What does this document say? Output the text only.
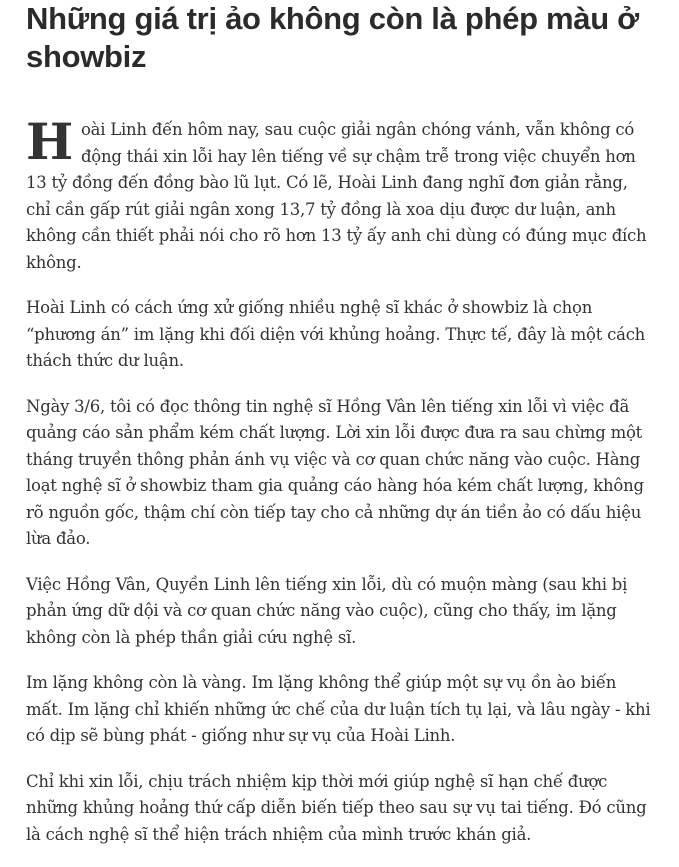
Những giá trị ảo không còn là phép màu ở showbiz

Hoài Linh đến hôm nay, sau cuộc giải ngân chóng vánh, vẫn không có động thái xin lỗi hay lên tiếng về sự chậm trễ trong việc chuyển hơn 13 tỷ đồng đến đồng bào lũ lụt. Có lẽ, Hoài Linh đang nghĩ đơn giản rằng, chỉ cần gấp rút giải ngân xong 13,7 tỷ đồng là xoa dịu được dư luận, anh không cần thiết phải nói cho rõ hơn 13 tỷ ấy anh chi dùng có đúng mục đích không.

Hoài Linh có cách ứng xử giống nhiều nghệ sĩ khác ở showbiz là chọn “phương án” im lặng khi đối diện với khủng hoảng. Thực tế, đây là một cách thách thức dư luận.

Ngày 3/6, tôi có đọc thông tin nghệ sĩ Hồng Vân lên tiếng xin lỗi vì việc đã quảng cáo sản phẩm kém chất lượng. Lời xin lỗi được đưa ra sau chừng một tháng truyền thông phản ánh vụ việc và cơ quan chức năng vào cuộc. Hàng loạt nghệ sĩ ở showbiz tham gia quảng cáo hàng hóa kém chất lượng, không rõ nguồn gốc, thậm chí còn tiếp tay cho cả những dự án tiền ảo có dấu hiệu lừa đảo.

Việc Hồng Vân, Quyền Linh lên tiếng xin lỗi, dù có muộn màng (sau khi bị phản ứng dữ dội và cơ quan chức năng vào cuộc), cũng cho thấy, im lặng không còn là phép thần giải cứu nghệ sĩ.

Im lặng không còn là vàng. Im lặng không thể giúp một sự vụ ồn ào biến mất. Im lặng chỉ khiến những ức chế của dư luận tích tụ lại, và lâu ngày - khi có dịp sẽ bùng phát - giống như sự vụ của Hoài Linh.

Chỉ khi xin lỗi, chịu trách nhiệm kịp thời mới giúp nghệ sĩ hạn chế được những khủng hoảng thứ cấp diễn biến tiếp theo sau sự vụ tai tiếng. Đó cũng là cách nghệ sĩ thể hiện trách nhiệm của mình trước khán giả.
